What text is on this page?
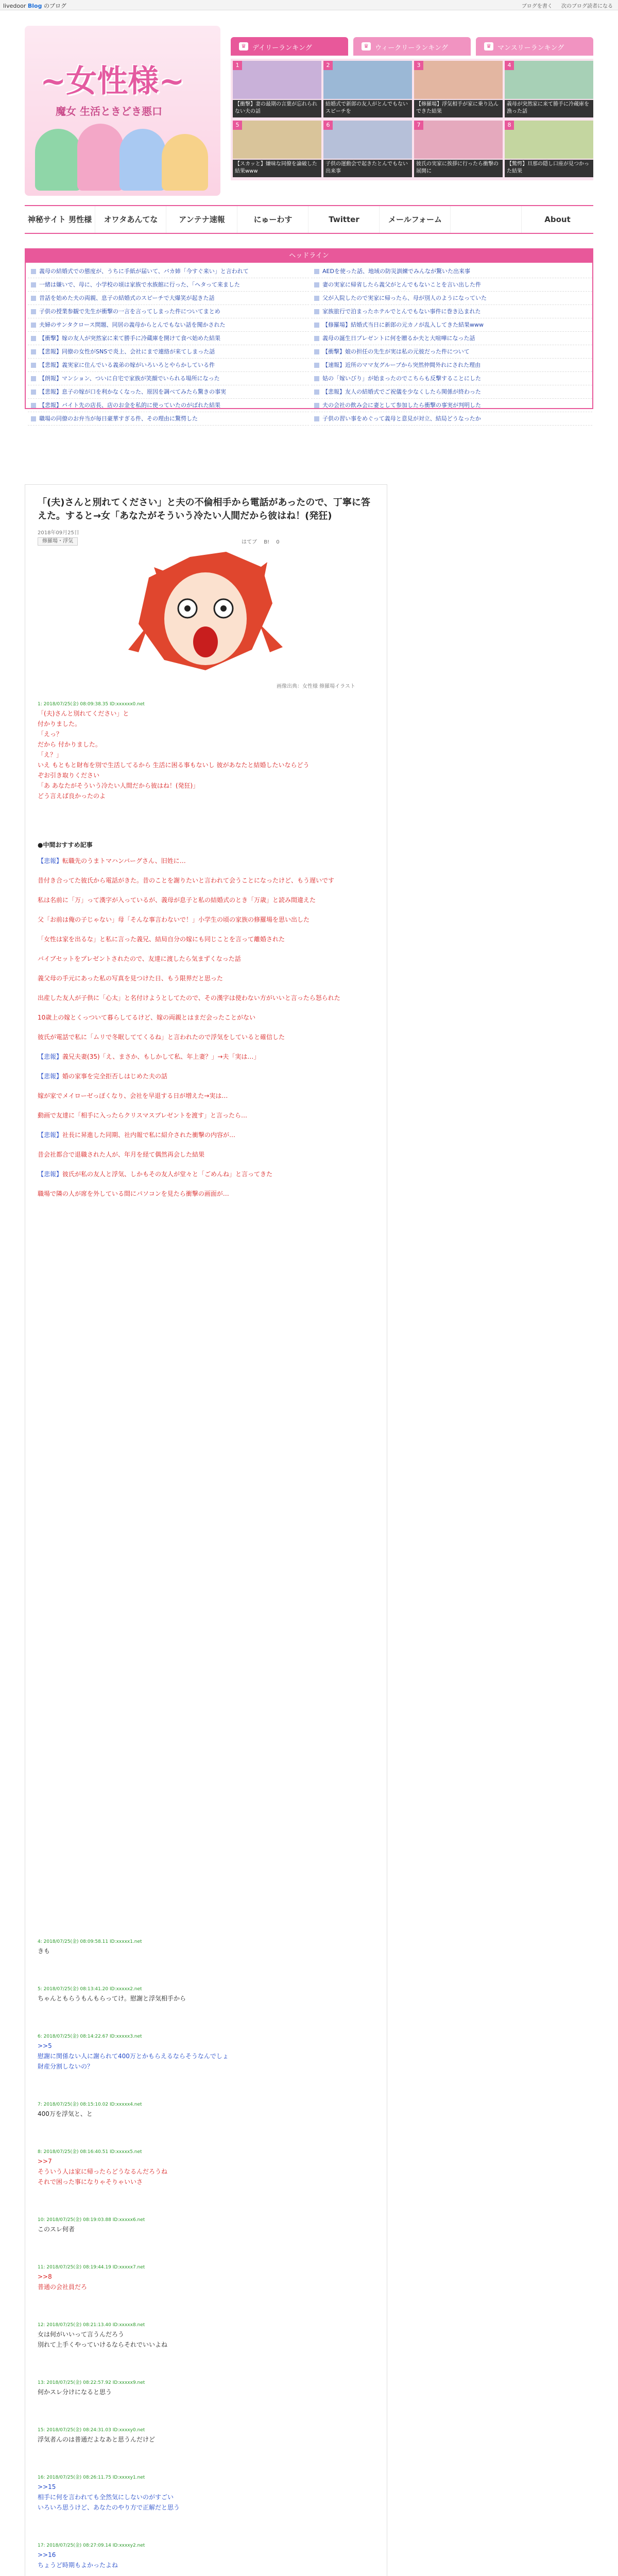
livedoor Blog のブログ	ブログを書く 次のブログ読者になる
~女性様~
魔女 生活ときどき悪口
♛ デイリーランキング	♛ ウィークリーランキング	♛ マンスリーランキング
1
【衝撃】妻の最期の言葉が忘れられない夫の話
2
結婚式で新郎の友人がとんでもないスピーチを
3
【修羅場】浮気相手が家に乗り込んできた結果
4
義母が突然家に来て勝手に冷蔵庫を漁った話
5
【スカッと】嫌味な同僚を論破した結果www
6
子供の運動会で起きたとんでもない出来事
7
彼氏の実家に挨拶に行ったら衝撃の展開に
8
【驚愕】旦那の隠し口座が見つかった結果
神秘サイト 男性様	オワタあんてな	アンテナ速報	にゅーわす	Twitter	メールフォーム	About
ヘッドライン
義母の結婚式での態度が、うちに手紙が届いて、バカ姉「今すぐ来い」と言われて
一緒は嫌いで、母に、小学校の頃は家族で水族館に行った、「ヘタって来ました
昔話を始めた夫の両親、息子の結婚式のスピーチで大爆笑が起きた話
子供の授業参観で先生が衝撃の一言を言ってしまった件についてまとめ
夫婦のサンタクロース問題、同居の義母からとんでもない話を聞かされた
【衝撃】嫁の友人が突然家に来て勝手に冷蔵庫を開けて食べ始めた結果
【悲報】同僚の女性がSNSで炎上、会社にまで連絡が来てしまった話
【悲報】義実家に住んでいる義弟の嫁がいろいろとやらかしている件
【朗報】マンション、ついに自宅で家族が笑顔でいられる場所になった
【悲報】息子の嫁が口を利かなくなった、原因を調べてみたら驚きの事実
【悲報】バイト先の店長、店のお金を私的に使っていたのがばれた結果
職場の同僚のお弁当が毎日豪華すぎる件、その理由に驚愕した
AEDを使った話、地域の防災訓練でみんなが驚いた出来事
妻の実家に帰省したら義父がとんでもないことを言い出した件
父が入院したので実家に帰ったら、母が別人のようになっていた
家族旅行で泊まったホテルでとんでもない事件に巻き込まれた
【修羅場】結婚式当日に新郎の元カノが乱入してきた結果www
義母の誕生日プレゼントに何を贈るか夫と大喧嘩になった話
【衝撃】娘の担任の先生が実は私の元彼だった件について
【速報】近所のママ友グループから突然仲間外れにされた理由
姑の「嫁いびり」が始まったのでこちらも反撃することにした
【悲報】友人の結婚式でご祝儀を少なくしたら関係が終わった
夫の会社の飲み会に妻として参加したら衝撃の事実が判明した
子供の習い事をめぐって義母と意見が対立、結局どうなったか
「(夫)さんと別れてください」と夫の不倫相手から電話があったので、丁寧に答えた。すると→女「あなたがそういう冷たい人間だから彼はね！(発狂)
2018年09月25日
修羅場・浮気	はてブ B! 0
画像出典：女性様 修羅場イラスト
1: 2018/07/25(金) 08:09:38.35 ID:xxxxxx0.net

「(夫)さんと別れてください」と

付かりました。

「えっ？

だから 付かりました。

「え？」

いえ もともと財布を別で生活してるから 生活に困る事もないし 彼があなたと結婚したいならどう

ぞお引き取りください

「あ あなたがそういう冷たい人間だから彼はね！(発狂)」

どう言えば良かったのよ

●中間おすすめ記事

【悲報】転職先のうまトマハンバーグさん、旧姓に…

昔付き合ってた彼氏から電話がきた。昔のことを謝りたいと言われて会うことになったけど、もう遅いです

私は名前に「万」って漢字が入っているが、義母が息子と私の結婚式のとき「万歳」と読み間違えた

父「お前は俺の子じゃない」母「そんな事言わないで！」小学生の頃の家族の修羅場を思い出した

「女性は家を出るな」と私に言った義兄、結局自分の嫁にも同じことを言って離婚された

バイブセットをプレゼントされたので、友達に渡したら気まずくなった話

義父母の手元にあった私の写真を見つけた日、もう限界だと思った

出産した友人が子供に「心太」と名付けようとしてたので、その漢字は使わない方がいいと言ったら怒られた

10歳上の嫁とくっついて暮らしてるけど、嫁の両親とはまだ会ったことがない

彼氏が電話で私に「ムリで冬眠しててくるね」と言われたので浮気をしていると確信した

【悲報】義兄夫妻(35)「え、まさか、もしかして私、年上妻？」→夫「実は…」

【悲報】婚の家事を完全拒否しはじめた夫の話

嫁が家でメイローゼっぽくなり、会社を早退する日が増えた→実は…

動画で友達に「相手に入ったらクリスマスプレゼントを渡す」と言ったら…

【悲報】社長に昇進した同期、社内報で私に紹介された衝撃の内容が…

昔会社都合で退職された人が、年月を経て偶然再会した結果

【悲報】彼氏が私の友人と浮気、しかもその友人が堂々と「ごめんね」と言ってきた

職場で隣の人が席を外している間にパソコンを見たら衝撃の画面が…

4: 2018/07/25(金) 08:09:58.11 ID:xxxxx1.net

きも

5: 2018/07/25(金) 08:13:41.20 ID:xxxxx2.net

ちゃんともらうもんもらってけ。慰謝と浮気相手から

6: 2018/07/25(金) 08:14:22.67 ID:xxxxx3.net

>>5

慰謝に関係ない人に謝られて400万とかもらえるならそうなんでしょ

財産分割しないの？

7: 2018/07/25(金) 08:15:10.02 ID:xxxxx4.net

400万を浮気と、と

8: 2018/07/25(金) 08:16:40.51 ID:xxxxx5.net

>>7

そういう人は家に帰ったらどうなるんだろうね

それで困った事になりゃそりゃいいさ

10: 2018/07/25(金) 08:19:03.88 ID:xxxxx6.net

このスレ何者

11: 2018/07/25(金) 08:19:44.19 ID:xxxxx7.net

>>8

普通の会社員だろ

12: 2018/07/25(金) 08:21:13.40 ID:xxxxx8.net

女は何がいいって言うんだろう

別れて上手くやっていけるならそれでいいよね

13: 2018/07/25(金) 08:22:57.92 ID:xxxxx9.net

何かスレ分けになると思う

15: 2018/07/25(金) 08:24:31.03 ID:xxxxy0.net

浮気者んのは普通だよなあと思うんだけど

16: 2018/07/25(金) 08:26:11.75 ID:xxxxy1.net

>>15

相手に何を言われても全然気にしないのがすごい

いろいろ思うけど、あなたのやり方で正解だと思う

17: 2018/07/25(金) 08:27:09.14 ID:xxxxy2.net

>>16

ちょうど時期もよかったよね
